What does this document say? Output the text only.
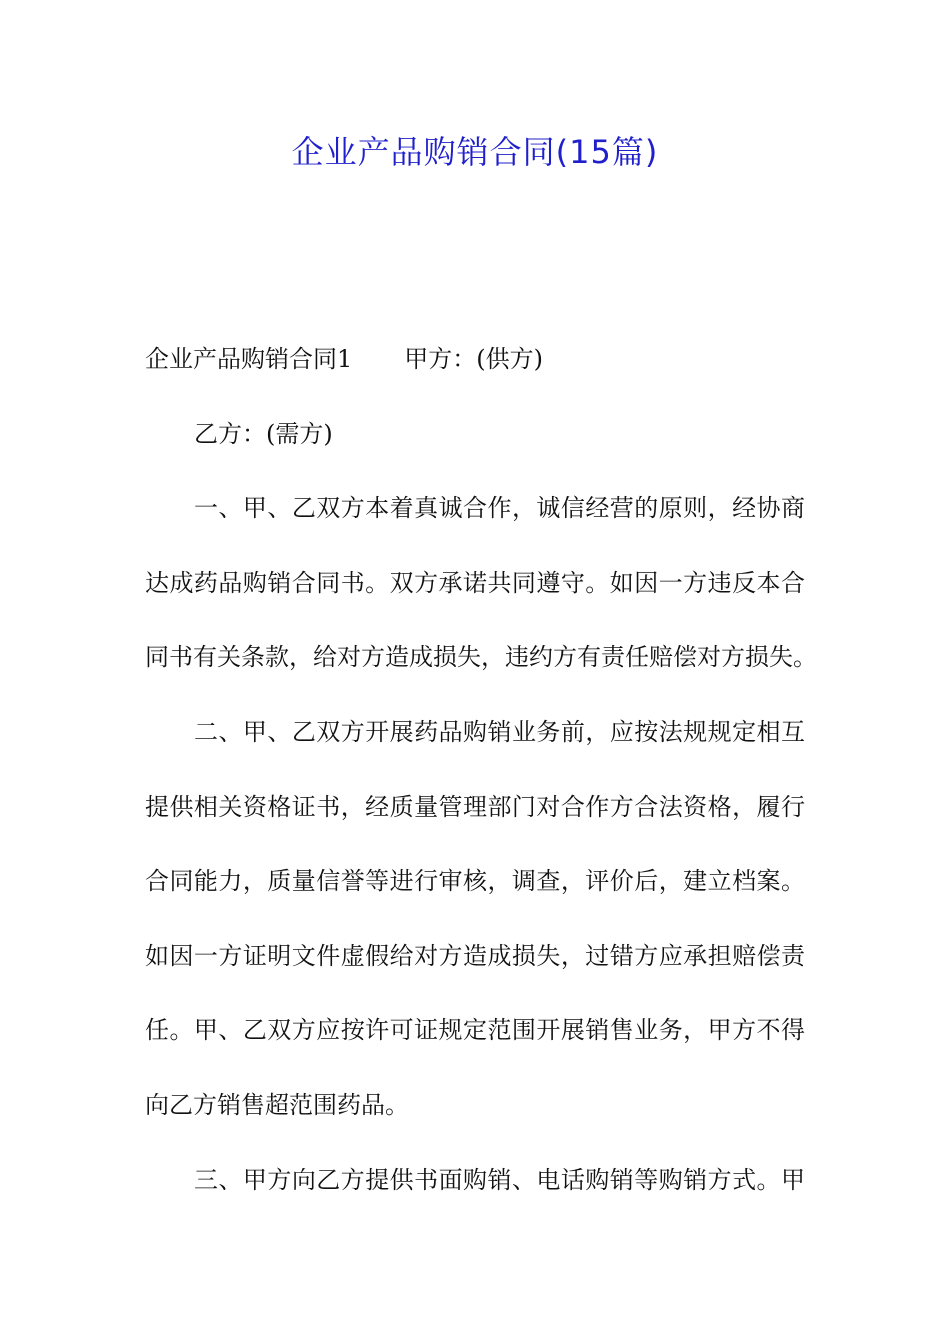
企业产品购销合同(15篇)
企业产品购销合同1 甲方：(供方)
乙方：(需方)
一、甲、乙双方本着真诚合作，诚信经营的原则，经协商
达成药品购销合同书。双方承诺共同遵守。如因一方违反本合
同书有关条款，给对方造成损失，违约方有责任赔偿对方损失。
二、甲、乙双方开展药品购销业务前，应按法规规定相互
提供相关资格证书，经质量管理部门对合作方合法资格，履行
合同能力，质量信誉等进行审核，调查，评价后，建立档案。
如因一方证明文件虚假给对方造成损失，过错方应承担赔偿责
任。甲、乙双方应按许可证规定范围开展销售业务，甲方不得
向乙方销售超范围药品。
三、甲方向乙方提供书面购销、电话购销等购销方式。甲
